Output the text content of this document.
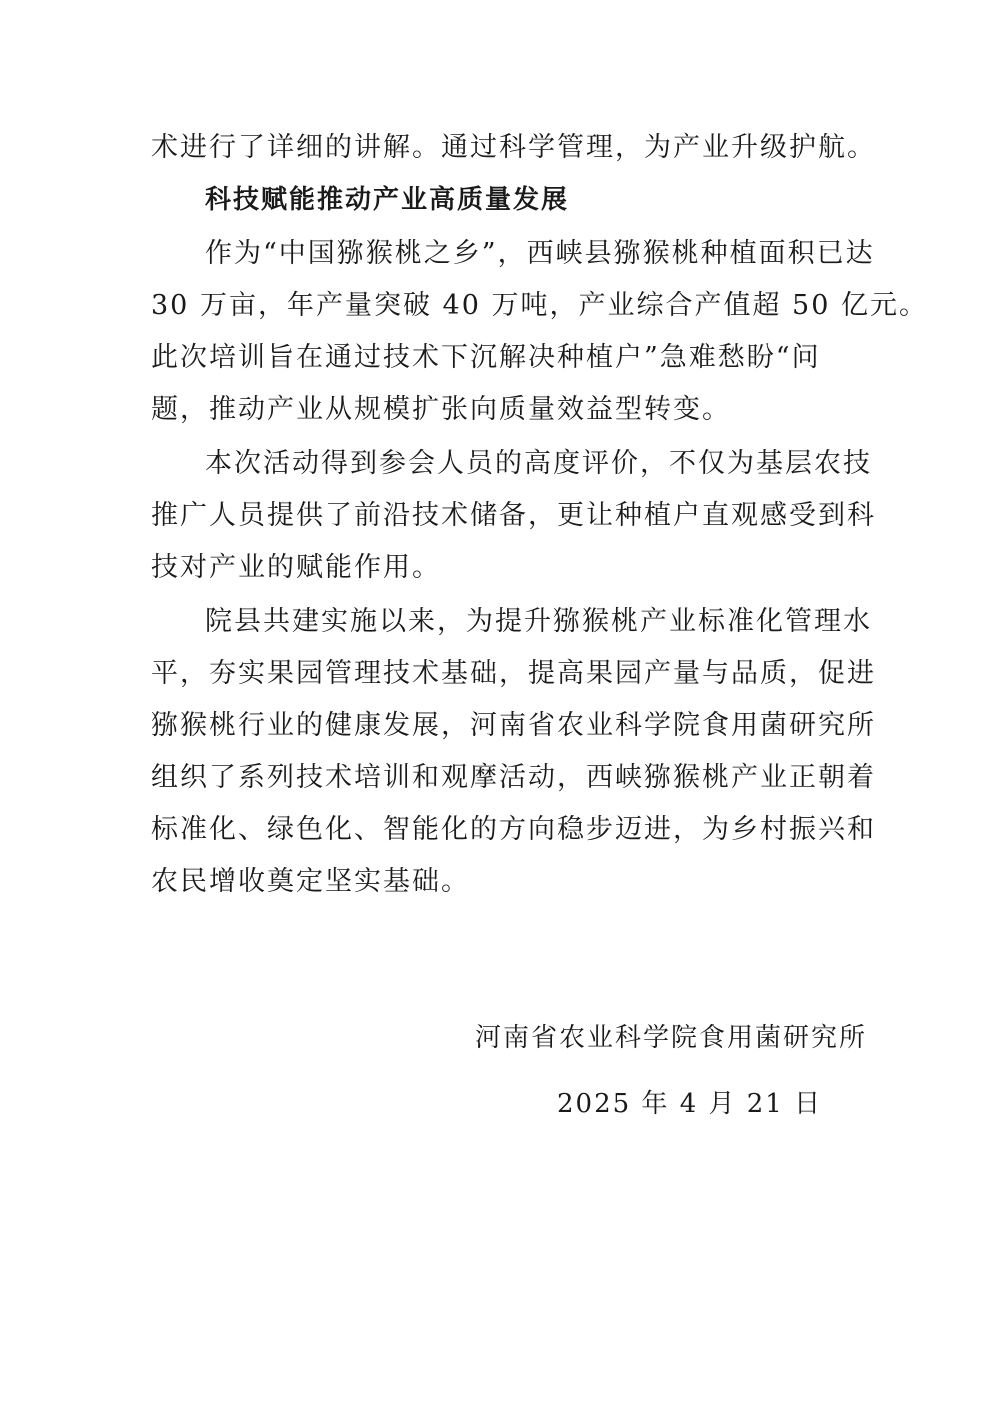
术进行了详细的讲解。通过科学管理，为产业升级护航。
科技赋能推动产业高质量发展
作为“中国猕猴桃之乡”，西峡县猕猴桃种植面积已达
30 万亩，年产量突破 40 万吨，产业综合产值超 50 亿元。
此次培训旨在通过技术下沉解决种植户”急难愁盼“问
题，推动产业从规模扩张向质量效益型转变。
本次活动得到参会人员的高度评价，不仅为基层农技
推广人员提供了前沿技术储备，更让种植户直观感受到科
技对产业的赋能作用。
院县共建实施以来，为提升猕猴桃产业标准化管理水
平，夯实果园管理技术基础，提高果园产量与品质，促进
猕猴桃行业的健康发展，河南省农业科学院食用菌研究所
组织了系列技术培训和观摩活动，西峡猕猴桃产业正朝着
标准化、绿色化、智能化的方向稳步迈进，为乡村振兴和
农民增收奠定坚实基础。
河南省农业科学院食用菌研究所
2025 年 4 月 21 日
